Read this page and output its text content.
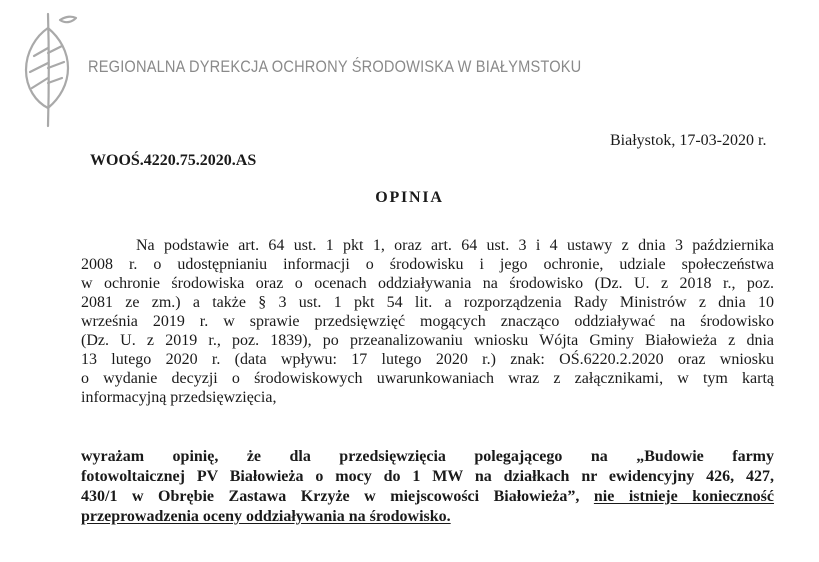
REGIONALNA DYREKCJA OCHRONY ŚRODOWISKA W BIAŁYMSTOKU
Białystok, 17-03-2020 r.
WOOŚ.4220.75.2020.AS
OPINIA
Na podstawie art. 64 ust. 1 pkt 1, oraz art. 64 ust. 3 i 4 ustawy z dnia 3 października
2008 r. o udostępnianiu informacji o środowisku i jego ochronie, udziale społeczeństwa
w ochronie środowiska oraz o ocenach oddziaływania na środowisko (Dz. U. z 2018 r., poz.
2081 ze zm.) a także § 3 ust. 1 pkt 54 lit. a rozporządzenia Rady Ministrów z dnia 10
września 2019 r. w sprawie przedsięwzięć mogących znacząco oddziaływać na środowisko
(Dz. U. z 2019 r., poz. 1839), po przeanalizowaniu wniosku Wójta Gminy Białowieża z dnia
13 lutego 2020 r. (data wpływu: 17 lutego 2020 r.) znak: OŚ.6220.2.2020 oraz wniosku
o wydanie decyzji o środowiskowych uwarunkowaniach wraz z załącznikami, w tym kartą
informacyjną przedsięwzięcia,
wyrażam opinię, że dla przedsięwzięcia polegającego na „Budowie farmy
fotowoltaicznej PV Białowieża o mocy do 1 MW na działkach nr ewidencyjny 426, 427,
430/1 w Obrębie Zastawa Krzyże w miejscowości Białowieża”, nie istnieje konieczność
przeprowadzenia oceny oddziaływania na środowisko.
